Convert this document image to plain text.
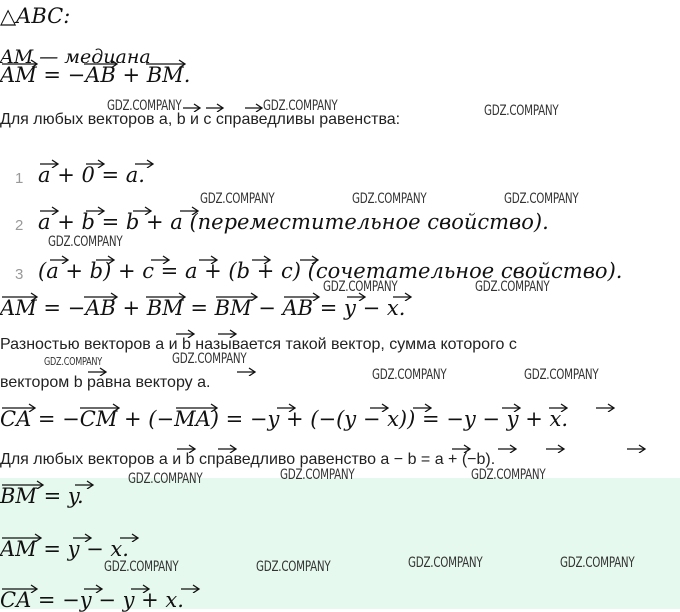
△ABC:
AM — медиана
AM = −AB + BM.
Для любых векторов a, b и c справедливы равенства:
1 a + 0 = a.
2 a + b = b + a (переместительное свойство).
3 (a + b) + c = a + (b + c) (сочетательное свойство).
AM = −AB + BM = BM − AB = y − x.
Разностью векторов a и b называется такой вектор, сумма которого с
вектором b равна вектору a.
CA = −CM + (−MA) = −y + (−(y − x)) = −y − y + x.
Для любых векторов a и b справедливо равенство a − b = a + (−b).
BM = y.
AM = y − x.
CA = −y − y + x.
GDZ.COMPANY	GDZ.COMPANY	GDZ.COMPANY
GDZ.COMPANY	GDZ.COMPANY	GDZ.COMPANY
GDZ.COMPANY
GDZ.COMPANY	GDZ.COMPANY
GDZ.COMPANY	GDZ.COMPANY
GDZ.COMPANY	GDZ.COMPANY
GDZ.COMPANY	GDZ.COMPANY	GDZ.COMPANY
GDZ.COMPANY	GDZ.COMPANY	GDZ.COMPANY	GDZ.COMPANY
